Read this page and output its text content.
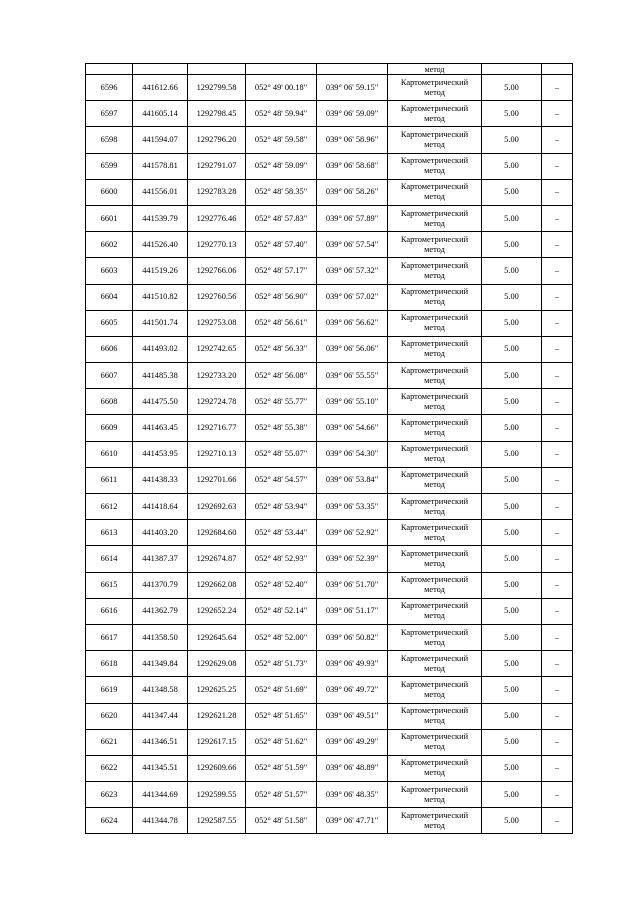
					метод		
6596	441612.66	1292799.58	052° 49' 00.18"	039° 06' 59.15"	Картометрический
метод	5.00	–
6597	441605.14	1292798.45	052° 48' 59.94"	039° 06' 59.09"	Картометрический
метод	5.00	–
6598	441594.07	1292796.20	052° 48' 59.58"	039° 06' 58.96"	Картометрический
метод	5.00	–
6599	441578.81	1292791.07	052° 48' 59.09"	039° 06' 58.68"	Картометрический
метод	5.00	–
6600	441556.01	1292783.28	052° 48' 58.35"	039° 06' 58.26"	Картометрический
метод	5.00	–
6601	441539.79	1292776.46	052° 48' 57.83"	039° 06' 57.89"	Картометрический
метод	5.00	–
6602	441526.40	1292770.13	052° 48' 57.40"	039° 06' 57.54"	Картометрический
метод	5.00	–
6603	441519.26	1292766.06	052° 48' 57.17"	039° 06' 57.32"	Картометрический
метод	5.00	–
6604	441510.82	1292760.56	052° 48' 56.90"	039° 06' 57.02"	Картометрический
метод	5.00	–
6605	441501.74	1292753.08	052° 48' 56.61"	039° 06' 56.62"	Картометрический
метод	5.00	–
6606	441493.02	1292742.65	052° 48' 56.33"	039° 06' 56.06"	Картометрический
метод	5.00	–
6607	441485.38	1292733.20	052° 48' 56.08"	039° 06' 55.55"	Картометрический
метод	5.00	–
6608	441475.50	1292724.78	052° 48' 55.77"	039° 06' 55.10"	Картометрический
метод	5.00	–
6609	441463.45	1292716.77	052° 48' 55.38"	039° 06' 54.66"	Картометрический
метод	5.00	–
6610	441453.95	1292710.13	052° 48' 55.07"	039° 06' 54.30"	Картометрический
метод	5.00	–
6611	441438.33	1292701.66	052° 48' 54.57"	039° 06' 53.84"	Картометрический
метод	5.00	–
6612	441418.64	1292692.63	052° 48' 53.94"	039° 06' 53.35"	Картометрический
метод	5.00	–
6613	441403.20	1292684.60	052° 48' 53.44"	039° 06' 52.92"	Картометрический
метод	5.00	–
6614	441387.37	1292674.87	052° 48' 52.93"	039° 06' 52.39"	Картометрический
метод	5.00	–
6615	441370.79	1292662.08	052° 48' 52.40"	039° 06' 51.70"	Картометрический
метод	5.00	–
6616	441362.79	1292652.24	052° 48' 52.14"	039° 06' 51.17"	Картометрический
метод	5.00	–
6617	441358.50	1292645.64	052° 48' 52.00"	039° 06' 50.82"	Картометрический
метод	5.00	–
6618	441349.84	1292629.08	052° 48' 51.73"	039° 06' 49.93"	Картометрический
метод	5.00	–
6619	441348.58	1292625.25	052° 48' 51.69"	039° 06' 49.72"	Картометрический
метод	5.00	–
6620	441347.44	1292621.28	052° 48' 51.65"	039° 06' 49.51"	Картометрический
метод	5.00	–
6621	441346.51	1292617.15	052° 48' 51.62"	039° 06' 49.29"	Картометрический
метод	5.00	–
6622	441345.51	1292609.66	052° 48' 51.59"	039° 06' 48.89"	Картометрический
метод	5.00	–
6623	441344.69	1292599.55	052° 48' 51.57"	039° 06' 48.35"	Картометрический
метод	5.00	–
6624	441344.78	1292587.55	052° 48' 51.58"	039° 06' 47.71"	Картометрический
метод	5.00	–
